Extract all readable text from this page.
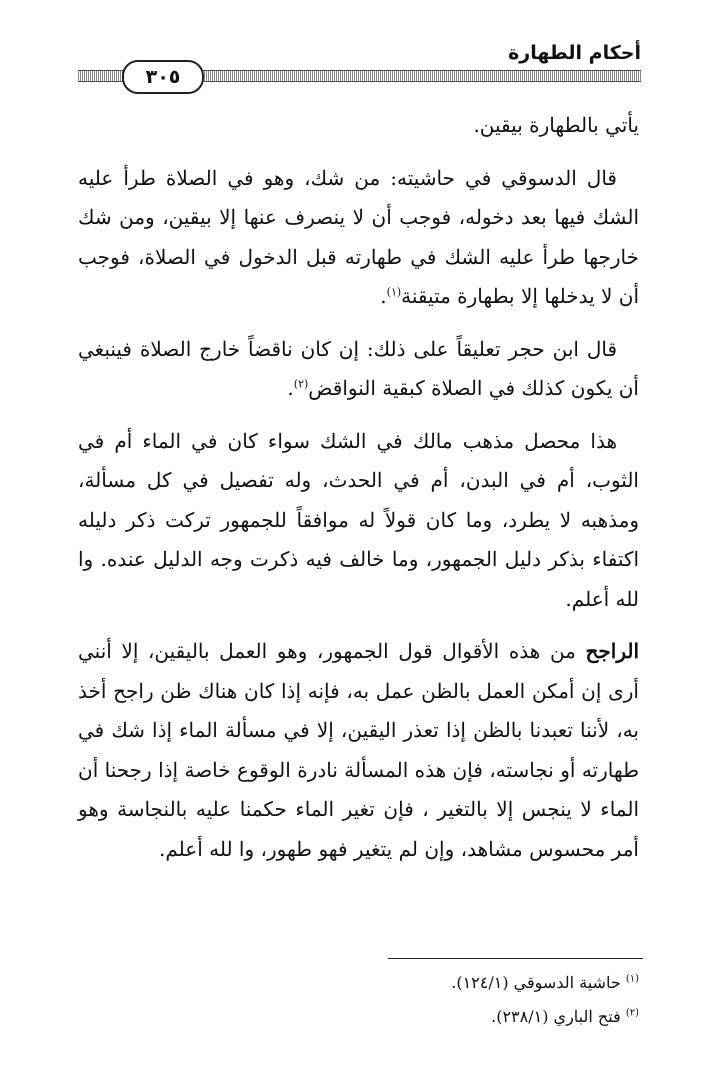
أحكام الطهارة
٣٠٥

يأتي بالطهارة بيقين.

قال الدسوقي في حاشيته: من شك، وهو في الصلاة طرأ عليه الشك فيها بعد دخوله، فوجب أن لا ينصرف عنها إلا بيقين، ومن شك خارجها طرأ عليه الشك في طهارته قبل الدخول في الصلاة، فوجب أن لا يدخلها إلا بطهارة متيقنة$^{(١)}$.

قال ابن حجر تعليقاً على ذلك: إن كان ناقضاً خارج الصلاة فينبغي أن يكون كذلك في الصلاة كبقية النواقض$^{(٢)}$.

هذا محصل مذهب مالك في الشك سواء كان في الماء أم في الثوب، أم في البدن، أم في الحدث، وله تفصيل في كل مسألة، ومذهبه لا يطرد، وما كان قولاً له موافقاً للجمهور تركت ذكر دليله اكتفاء بذكر دليل الجمهور، وما خالف فيه ذكرت وجه الدليل عنده. وا لله أعلم.

الراجح من هذه الأقوال قول الجمهور، وهو العمل باليقين، إلا أنني أرى إن أمكن العمل بالظن عمل به، فإنه إذا كان هناك ظن راجح أخذ به، لأننا تعبدنا بالظن إذا تعذر اليقين، إلا في مسألة الماء إذا شك في طهارته أو نجاسته، فإن هذه المسألة نادرة الوقوع خاصة إذا رجحنا أن الماء لا ينجس إلا بالتغير ، فإن تغير الماء حكمنا عليه بالنجاسة وهو أمر محسوس مشاهد، وإن لم يتغير فهو طهور، وا لله أعلم.

$^{(١)}$ حاشية الدسوقي (١٢٤/١).
$^{(٢)}$ فتح الباري (٢٣٨/١).
